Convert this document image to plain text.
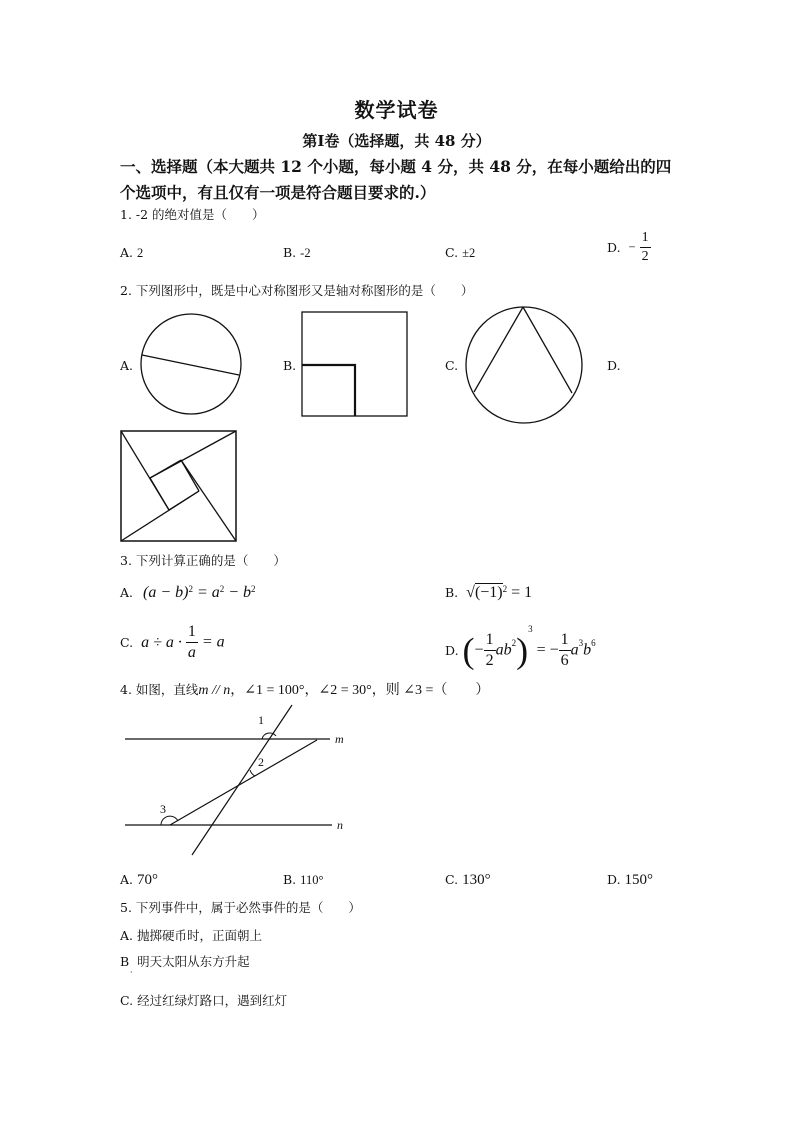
数学试卷
第Ⅰ卷（选择题，共 48 分）
一、选择题（本大题共 12 个小题，每小题 4 分，共 48 分，在每小题给出的四个选项中，有且仅有一项是符合题目要求的.）
1. -2 的绝对值是（　　）
A. 2	B. -2	C. ±2	D. − $\frac{1}{2}$
2. 下列图形中，既是中心对称图形又是轴对称图形的是（　　）
A.	B.	C.	D.
3. 下列计算正确的是（　　）
A. $(a - b)^2 = a^2 - b^2$	B. $√(-1)^2 = 1$
C. $a \div a \cdot \frac{1}{a} = a$	D. (− $\frac{1}{2} ab^2)^3$ = − $\frac{1}{6} a^3b^6$
4. 如图，直线m // n，∠1 = 100°，∠2 = 30°，则 ∠3 =（　　）
1
2
3
m
n
A. 70°	B. 110°	C. 130°	D. 150°
5. 下列事件中，属于必然事件的是（　　）
A. 抛掷硬币时，正面朝上
B 明天太阳从东方升起
·
C. 经过红绿灯路口，遇到红灯
